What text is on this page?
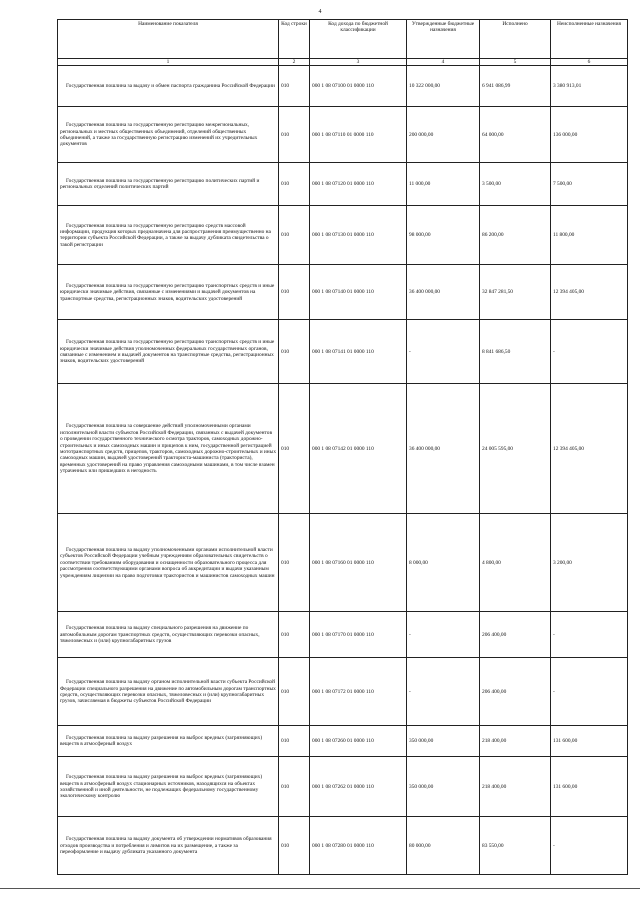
4
Наименование показателя	Код строки	Код дохода по бюджетной классификации	Утвержденные бюджетные назначения	Исполнено	Неисполненные назначения
1	2	3	4	5	6
Государственная пошлина за выдачу и обмен паспорта гражданина Российской Федерации	010	000 1 08 07100 01 0000 110	10 322 000,00	6 941 086,99	3 380 913,01
Государственная пошлина за государственную регистрацию межрегиональных, региональных и местных общественных объединений, отделений общественных объединений, а также за государственную регистрацию изменений их учредительных документов	010	000 1 08 07110 01 0000 110	200 000,00	64 000,00	136 000,00
Государственная пошлина за государственную регистрацию политических партий и региональных отделений политических партий	010	000 1 08 07120 01 0000 110	11 000,00	3 500,00	7 500,00
Государственная пошлина за государственную регистрацию средств массовой информации, продукция которых предназначена для распространения преимущественно на территории субъекта Российской Федерации, а также за выдачу дубликата свидетельства о такой регистрации	010	000 1 08 07130 01 0000 110	98 000,00	86 200,00	11 800,00
Государственная пошлина за государственную регистрацию транспортных средств и иные юридически значимые действия, связанные с изменениями и выдачей документов на транспортные средства, регистрационных знаков, водительских удостоверений	010	000 1 08 07140 01 0000 110	36 400 000,00	32 847 281,50	12 394 405,00
Государственная пошлина за государственную регистрацию транспортных средств и иные юридически значимые действия уполномоченных федеральных государственных органов, связанные с изменением и выдачей документов на транспортные средства, регистрационных знаков, водительских удостоверений	010	000 1 08 07141 01 0000 110	-	8 841 686,50	-
Государственная пошлина за совершение действий уполномоченными органами исполнительной власти субъектов Российской Федерации, связанных с выдачей документов о проведении государственного технического осмотра тракторов, самоходных дорожно-строительных и иных самоходных машин и прицепов к ним, государственной регистрацией мототранспортных средств, прицепов, тракторов, самоходных дорожно-строительных и иных самоходных машин, выдачей удостоверений тракториста-машиниста (тракториста), временных удостоверений на право управления самоходными машинами, в том числе взамен утраченных или пришедших в негодность	010	000 1 08 07142 01 0000 110	36 400 000,00	24 005 595,00	12 394 405,00
Государственная пошлина за выдачу уполномоченными органами исполнительной власти субъектов Российской Федерации учебным учреждениям образовательных свидетельств о соответствии требованиям оборудования и оснащенности образовательного процесса для рассмотрения соответствующими органами вопроса об аккредитации и выдачи указанным учреждениям лицензии на право подготовки трактористов и машинистов самоходных машин	010	000 1 08 07160 01 0000 110	8 000,00	4 800,00	3 200,00
Государственная пошлина за выдачу специального разрешения на движение по автомобильным дорогам транспортных средств, осуществляющих перевозки опасных, тяжеловесных и (или) крупногабаритных грузов	010	000 1 08 07170 01 0000 110	-	206 400,00	-
Государственная пошлина за выдачу органом исполнительной власти субъекта Российской Федерации специального разрешения на движение по автомобильным дорогам транспортных средств, осуществляющих перевозки опасных, тяжеловесных и (или) крупногабаритных грузов, зачисляемая в бюджеты субъектов Российской Федерации	010	000 1 08 07172 01 0000 110	-	206 400,00	-
Государственная пошлина за выдачу разрешения на выброс вредных (загрязняющих) веществ в атмосферный воздух	010	000 1 08 07260 01 0000 110	350 000,00	218 400,00	131 600,00
Государственная пошлина за выдачу разрешения на выброс вредных (загрязняющих) веществ в атмосферный воздух стационарных источников, находящихся на объектах хозяйственной и иной деятельности, не подлежащих федеральному государственному экологическому контролю	010	000 1 08 07262 01 0000 110	350 000,00	218 400,00	131 600,00
Государственная пошлина за выдачу документа об утверждении нормативов образования отходов производства и потребления и лимитов на их размещение, а также за переоформление и выдачу дубликата указанного документа	010	000 1 08 07280 01 0000 110	80 000,00	83 550,00	-
